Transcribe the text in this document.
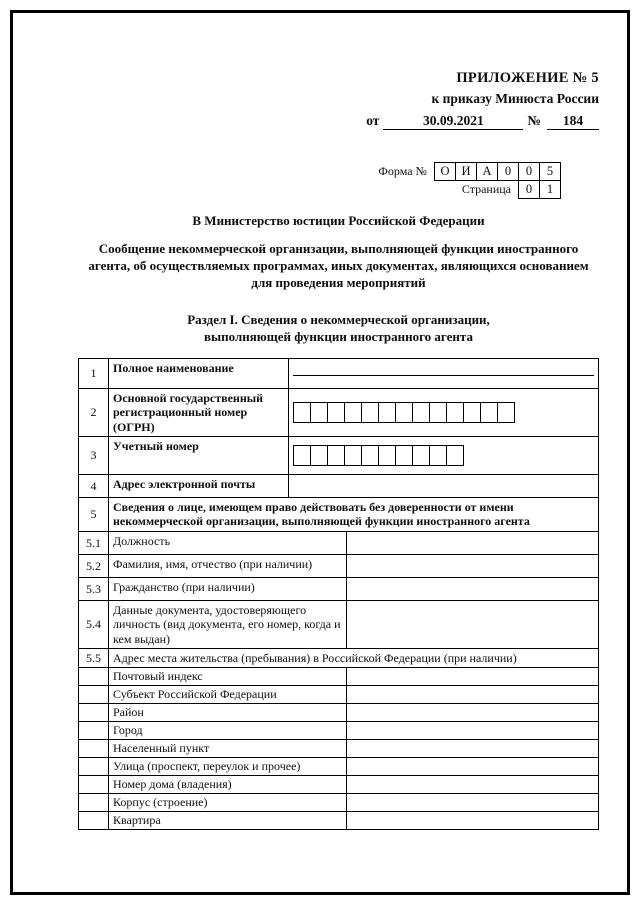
ПРИЛОЖЕНИЕ № 5
к приказу Минюста России
от	30.09.2021	№ 184
Форма №	О И А	0	0	5
Страница	0	1
В Министерство юстиции Российской Федерации
Сообщение некоммерческой организации, выполняющей функции иностранного агента, об осуществляемых программах, иных документах, являющихся основанием для проведения мероприятий
Раздел I. Сведения о некоммерческой организации, выполняющей функции иностранного агента
1	Полное наименование		

2	Основной государственный регистрационный номер (ОГРН)		

3	Учетный номер		

4	Адрес электронной почты		
5	Сведения о лице, имеющем право действовать без доверенности от имени некоммерческой организации, выполняющей функции иностранного агента		
5.1	Должность		
5.2	Фамилия, имя, отчество (при наличии)		
5.3	Гражданство (при наличии)		
5.4	Данные документа, удостоверяющего личность (вид документа, его номер, когда и кем выдан)		
5.5	Адрес места жительства (пребывания) в Российской Федерации (при наличии)		
	Почтовый индекс		
	Субъект Российской Федерации		
	Район		
	Город		
	Населенный пункт		
	Улица (проспект, переулок и прочее)		
	Номер дома (владения)		
	Корпус (строение)		
	Квартира		
